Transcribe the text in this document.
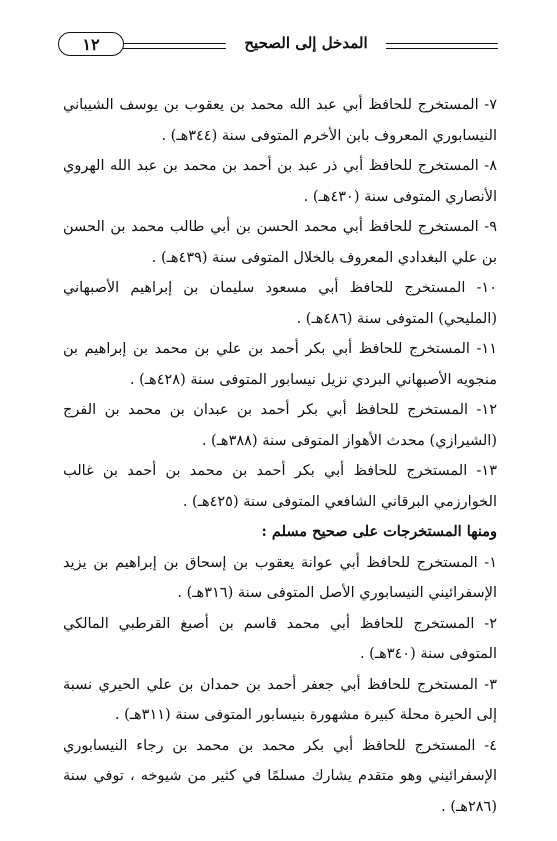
المدخل إلى الصحيح
١٢

٧- المستخرج للحافظ أبي عبد الله محمد بن يعقوب بن يوسف الشيباني النيسابوري المعروف بابن الأخرم المتوفى سنة (٣٤٤هـ) .

٨- المستخرج للحافظ أبي ذر عبد بن أحمد بن محمد بن عبد الله الهروي الأنصاري المتوفى سنة (٤٣٠هـ) .

٩- المستخرج للحافظ أبي محمد الحسن بن أبي طالب محمد بن الحسن بن علي البغدادي المعروف بالخلال المتوفى سنة (٤٣٩هـ) .

١٠- المستخرج للحافظ أبي مسعود سليمان بن إبراهيم الأصبهاني (المليحي) المتوفى سنة (٤٨٦هـ) .

١١- المستخرج للحافظ أبي بكر أحمد بن علي بن محمد بن إبراهيم بن منجويه الأصبهاني البردي نزيل نيسابور المتوفى سنة (٤٢٨هـ) .

١٢- المستخرج للحافظ أبي بكر أحمد بن عبدان بن محمد بن الفرج (الشيرازي) محدث الأهواز المتوفى سنة (٣٨٨هـ) .

١٣- المستخرج للحافظ أبي بكر أحمد بن محمد بن أحمد بن غالب الخوارزمي البرقاني الشافعي المتوفى سنة (٤٢٥هـ) .

ومنها المستخرجات على صحيح مسلم :

١- المستخرج للحافظ أبي عوانة يعقوب بن إسحاق بن إبراهيم بن يزيد الإسفرائيني النيسابوري الأصل المتوفى سنة (٣١٦هـ) .

٢- المستخرج للحافظ أبي محمد قاسم بن أصبغ القرطبي المالكي المتوفى سنة (٣٤٠هـ) .

٣- المستخرج للحافظ أبي جعفر أحمد بن حمدان بن علي الحيري نسبة إلى الحيرة محلة كبيرة مشهورة بنيسابور المتوفى سنة (٣١١هـ) .

٤- المستخرج للحافظ أبي بكر محمد بن محمد بن رجاء النيسابوري الإسفرائيني وهو متقدم يشارك مسلمًا في كثير من شيوخه ، توفي سنة (٢٨٦هـ) .
